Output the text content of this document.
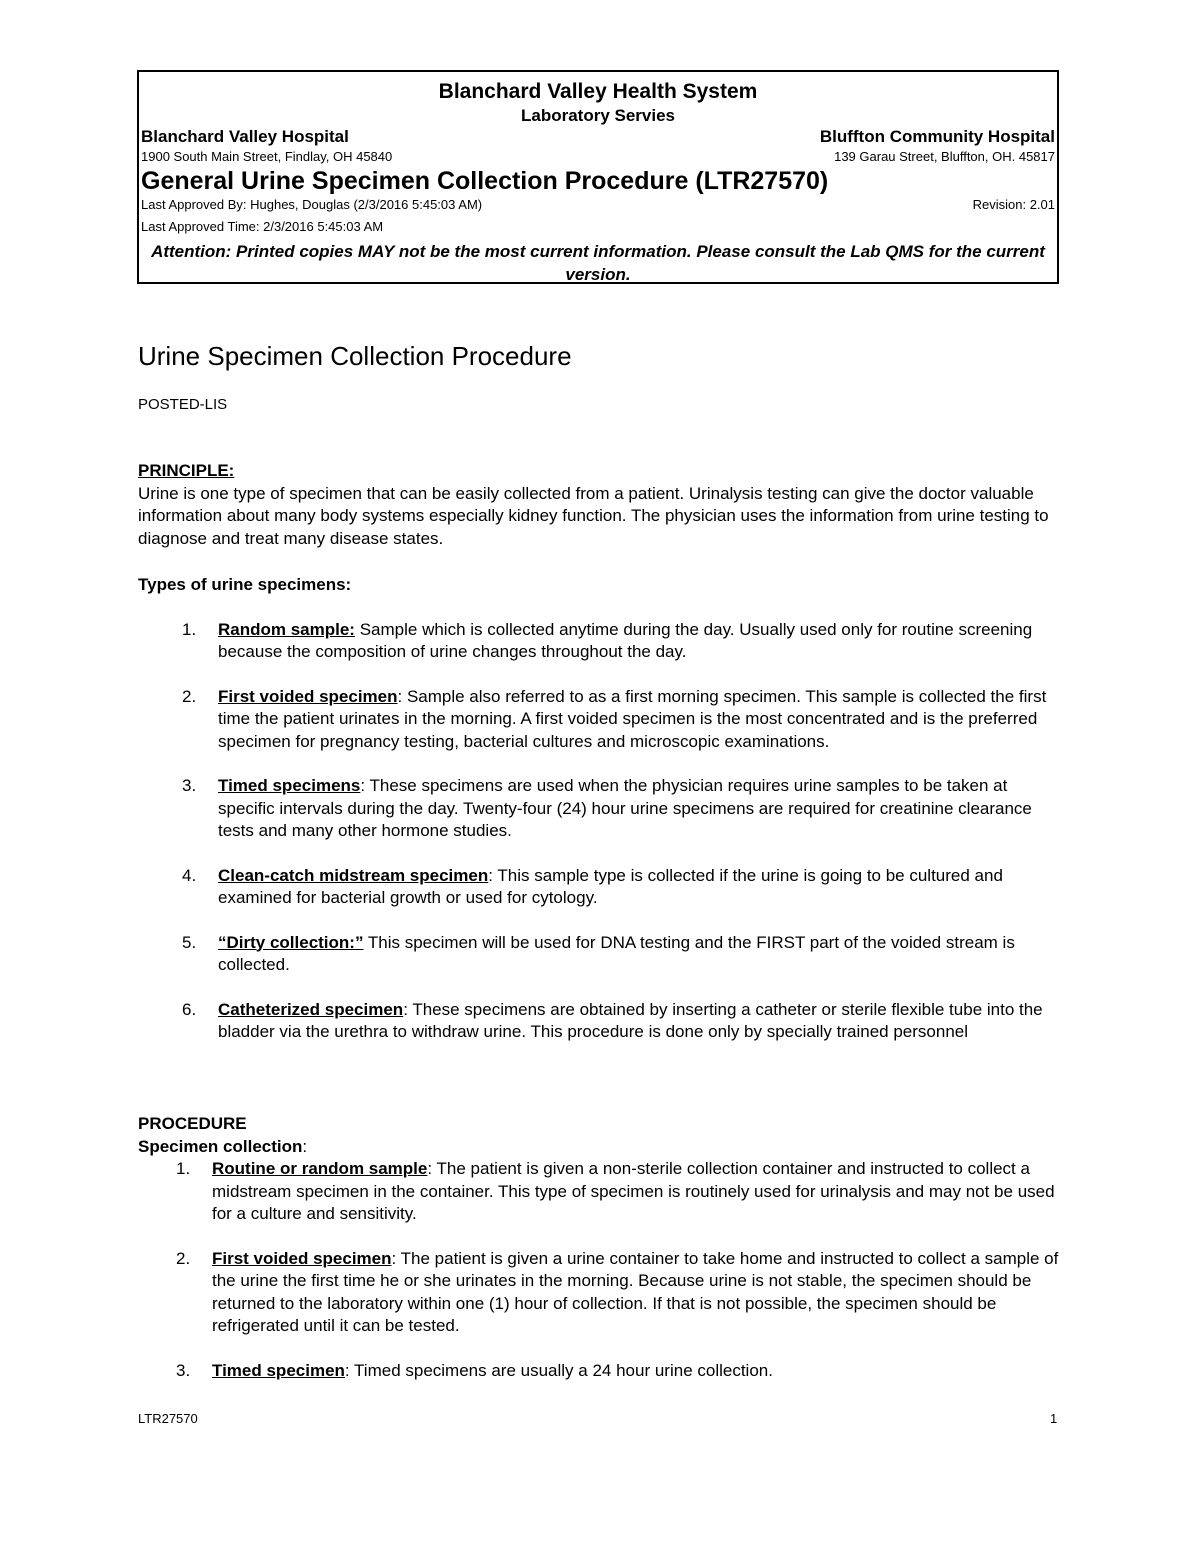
Blanchard Valley Health System
Laboratory Servies
Blanchard Valley Hospital	Bluffton Community Hospital
1900 South Main Street, Findlay, OH 45840	139 Garau Street, Bluffton, OH. 45817
General Urine Specimen Collection Procedure (LTR27570)
Last Approved By: Hughes, Douglas (2/3/2016 5:45:03 AM)	Revision: 2.01
Last Approved Time: 2/3/2016 5:45:03 AM
Attention: Printed copies MAY not be the most current information. Please consult the Lab QMS for the current version.
Urine Specimen Collection Procedure
POSTED-LIS

PRINCIPLE:

Urine is one type of specimen that can be easily collected from a patient. Urinalysis testing can give the doctor valuable information about many body systems especially kidney function. The physician uses the information from urine testing to diagnose and treat many disease states.

Types of urine specimens:

1. Random sample: Sample which is collected anytime during the day. Usually used only for routine screening because the composition of urine changes throughout the day.
2. First voided specimen: Sample also referred to as a first morning specimen. This sample is collected the first time the patient urinates in the morning. A first voided specimen is the most concentrated and is the preferred specimen for pregnancy testing, bacterial cultures and microscopic examinations.
3. Timed specimens: These specimens are used when the physician requires urine samples to be taken at specific intervals during the day. Twenty-four (24) hour urine specimens are required for creatinine clearance tests and many other hormone studies.
4. Clean-catch midstream specimen: This sample type is collected if the urine is going to be cultured and examined for bacterial growth or used for cytology.
5. “Dirty collection:” This specimen will be used for DNA testing and the FIRST part of the voided stream is collected.
6. Catheterized specimen: These specimens are obtained by inserting a catheter or sterile flexible tube into the bladder via the urethra to withdraw urine. This procedure is done only by specially trained personnel

PROCEDURE

Specimen collection:

1. Routine or random sample: The patient is given a non-sterile collection container and instructed to collect a midstream specimen in the container. This type of specimen is routinely used for urinalysis and may not be used for a culture and sensitivity.
2. First voided specimen: The patient is given a urine container to take home and instructed to collect a sample of the urine the first time he or she urinates in the morning. Because urine is not stable, the specimen should be returned to the laboratory within one (1) hour of collection. If that is not possible, the specimen should be refrigerated until it can be tested.
3. Timed specimen: Timed specimens are usually a 24 hour urine collection.
LTR27570	1
